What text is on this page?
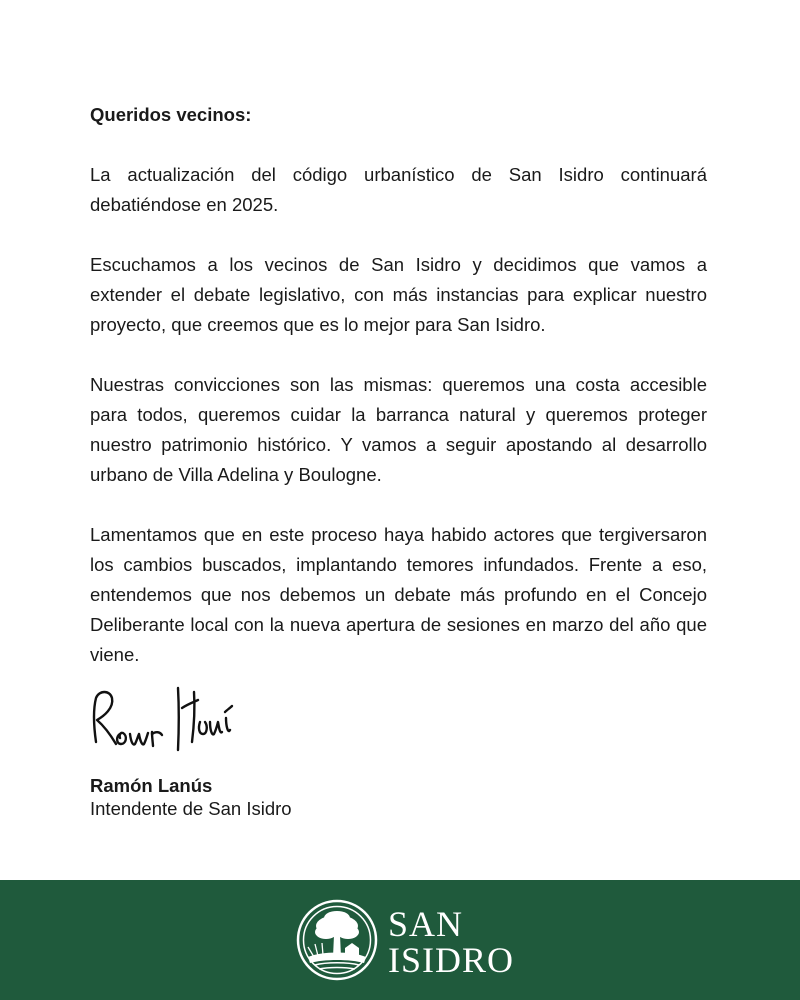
Queridos vecinos:

La actualización del código urbanístico de San Isidro continuará debatiéndose en 2025.

Escuchamos a los vecinos de San Isidro y decidimos que vamos a extender el debate legislativo, con más instancias para explicar nuestro proyecto, que creemos que es lo mejor para San Isidro.

Nuestras convicciones son las mismas: queremos una costa accesible para todos, queremos cuidar la barranca natural y queremos proteger nuestro patrimonio histórico. Y vamos a seguir apostando al desarrollo urbano de Villa Adelina y Boulogne.

Lamentamos que en este proceso haya habido actores que tergiversaron los cambios buscados, implantando temores infundados. Frente a eso, entendemos que nos debemos un debate más profundo en el Concejo Deliberante local con la nueva apertura de sesiones en marzo del año que viene.

Ramón Lanús
Intendente de San Isidro
SAN
ISIDRO
